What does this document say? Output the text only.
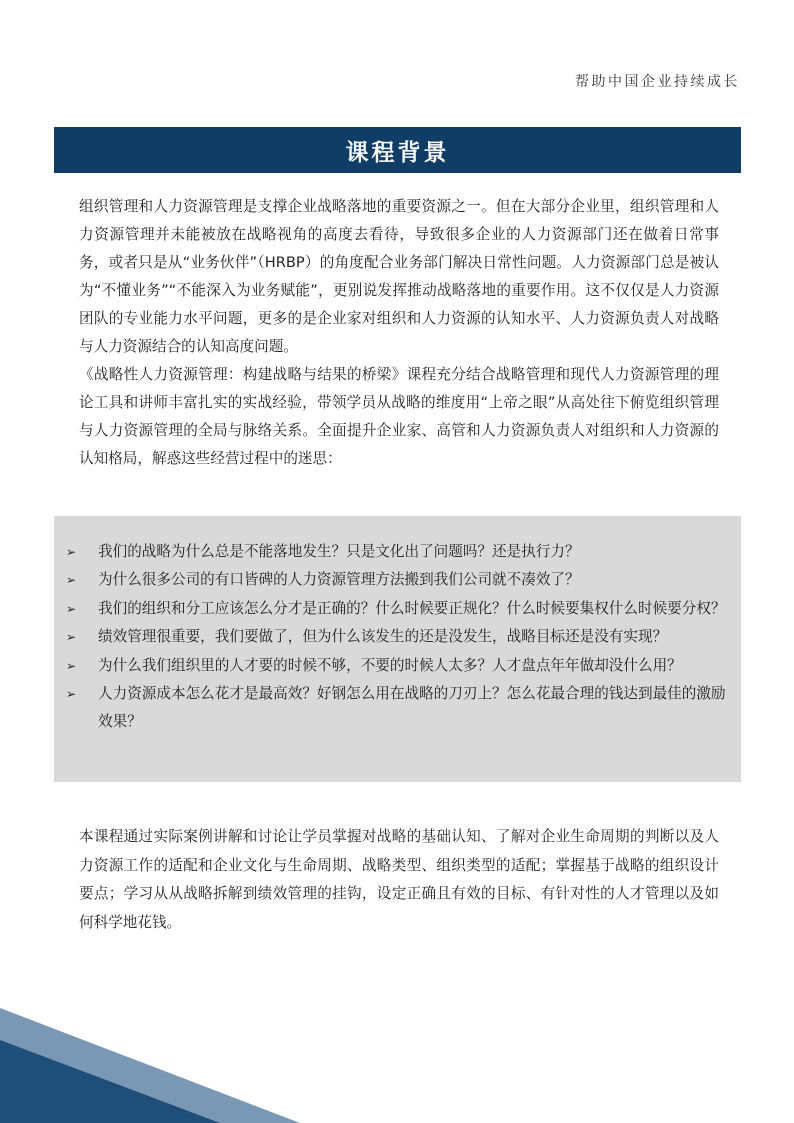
帮助中国企业持续成长
课程背景

组织管理和人力资源管理是支撑企业战略落地的重要资源之一。但在大部分企业里，组织管理和人力资源管理并未能被放在战略视角的高度去看待，导致很多企业的人力资源部门还在做着日常事务，或者只是从“业务伙伴”（HRBP）的角度配合业务部门解决日常性问题。人力资源部门总是被认为“不懂业务”“不能深入为业务赋能”，更别说发挥推动战略落地的重要作用。这不仅仅是人力资源团队的专业能力水平问题，更多的是企业家对组织和人力资源的认知水平、人力资源负责人对战略与人力资源结合的认知高度问题。

《战略性人力资源管理：构建战略与结果的桥梁》课程充分结合战略管理和现代人力资源管理的理论工具和讲师丰富扎实的实战经验，带领学员从战略的维度用“上帝之眼”从高处往下俯览组织管理与人力资源管理的全局与脉络关系。全面提升企业家、高管和人力资源负责人对组织和人力资源的认知格局，解惑这些经营过程中的迷思：

➢ 我们的战略为什么总是不能落地发生？只是文化出了问题吗？还是执行力？
➢ 为什么很多公司的有口皆碑的人力资源管理方法搬到我们公司就不凑效了？
➢ 我们的组织和分工应该怎么分才是正确的？什么时候要正规化？什么时候要集权什么时候要分权？
➢ 绩效管理很重要，我们要做了，但为什么该发生的还是没发生，战略目标还是没有实现？
➢ 为什么我们组织里的人才要的时候不够，不要的时候人太多？人才盘点年年做却没什么用？
➢ 人力资源成本怎么花才是最高效？好钢怎么用在战略的刀刃上？怎么花最合理的钱达到最佳的激励效果？
本课程通过实际案例讲解和讨论让学员掌握对战略的基础认知、了解对企业生命周期的判断以及人力资源工作的适配和企业文化与生命周期、战略类型、组织类型的适配；掌握基于战略的组织设计要点；学习从从战略拆解到绩效管理的挂钩，设定正确且有效的目标、有针对性的人才管理以及如何科学地花钱。
